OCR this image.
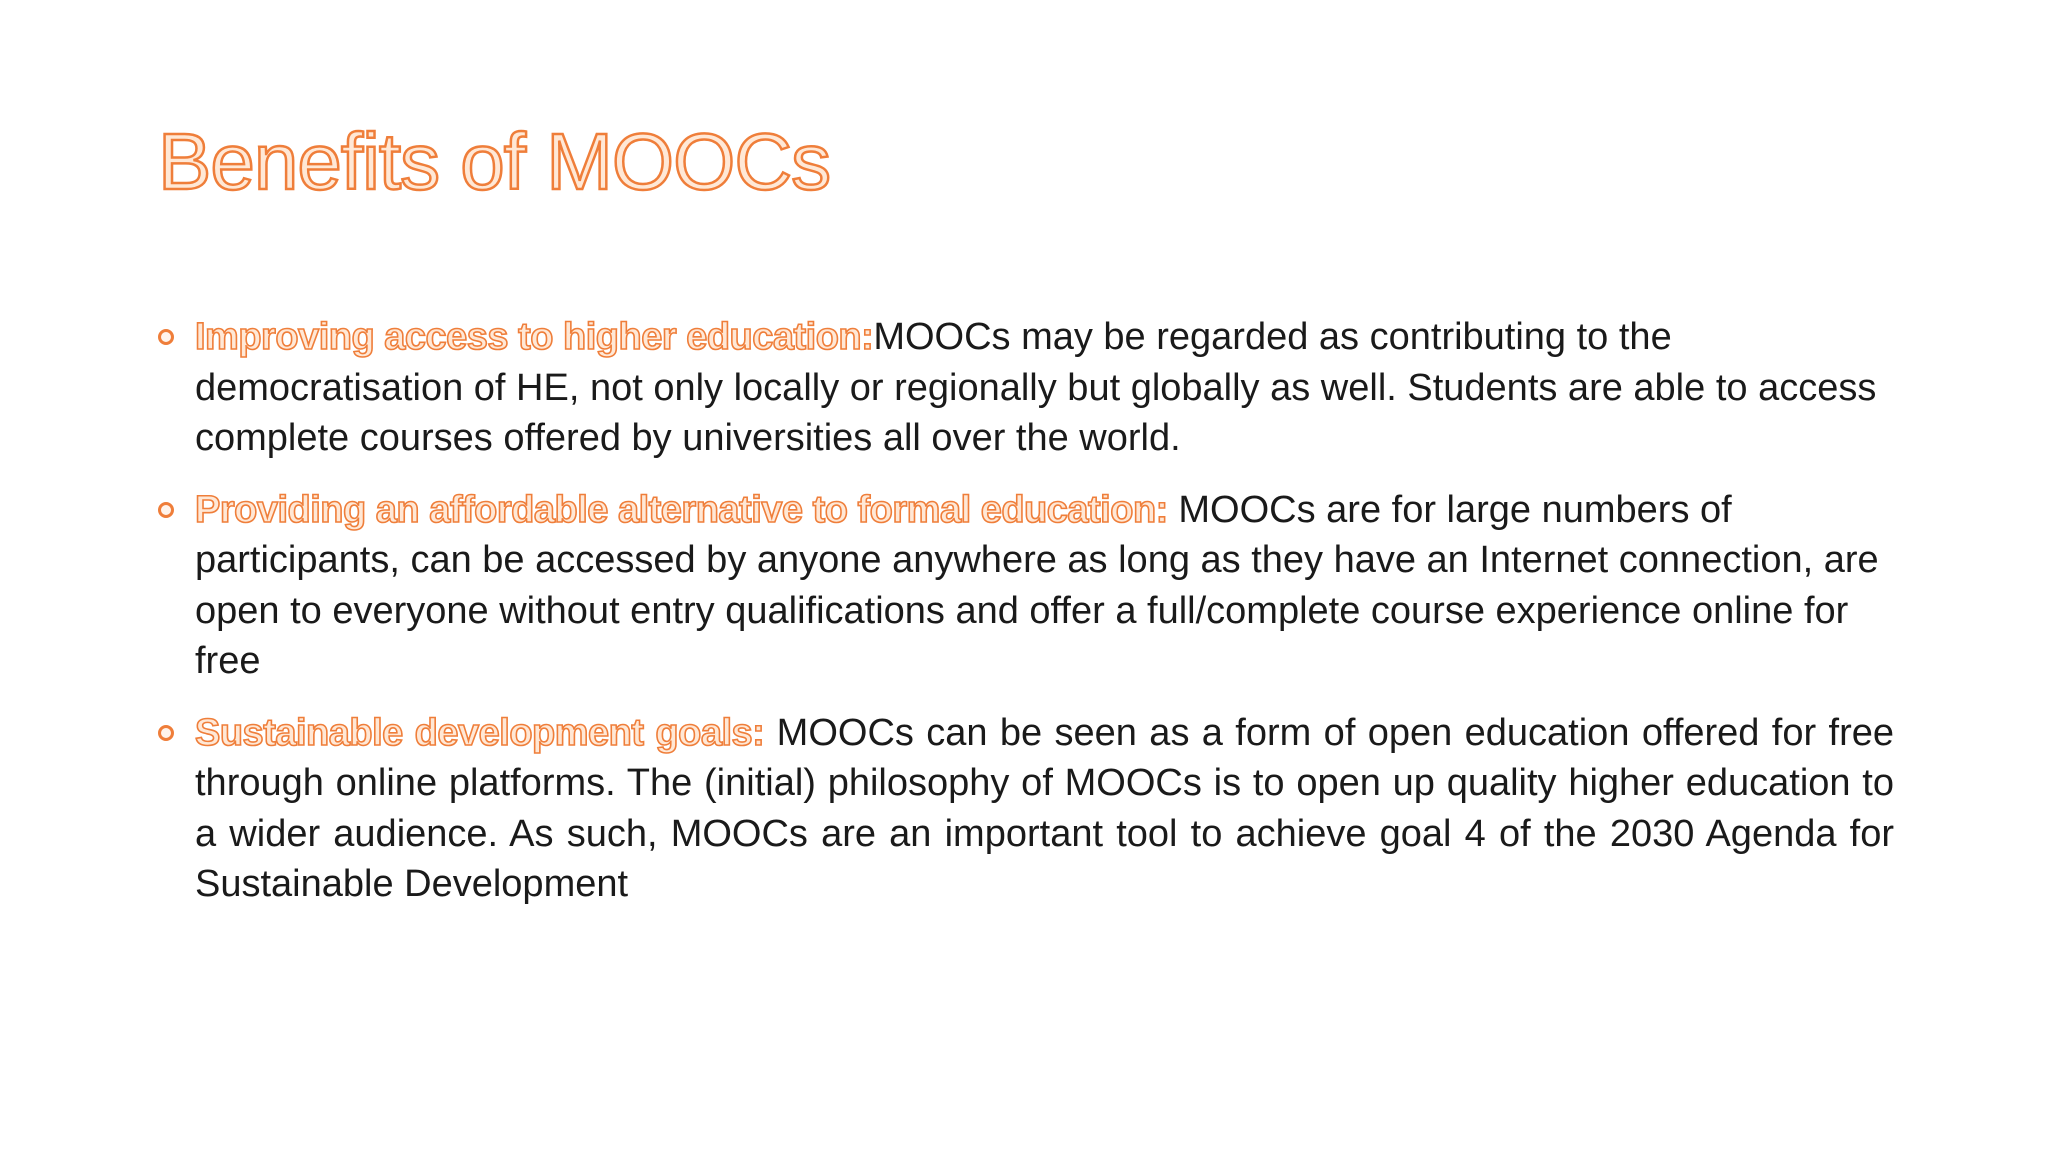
Benefits of MOOCs
Improving access to higher education:MOOCs may be regarded as contributing to the democratisation of HE, not only locally or regionally but globally as well. Students are able to access complete courses offered by universities all over the world.
Providing an affordable alternative to formal education: MOOCs are for large numbers of participants, can be accessed by anyone anywhere as long as they have an Internet connection, are open to everyone without entry qualifications and offer a full/complete course experience online for free
Sustainable development goals: MOOCs can be seen as a form of open education offered for free through online platforms. The (initial) philosophy of MOOCs is to open up quality higher education to a wider audience. As such, MOOCs are an important tool to achieve goal 4 of the 2030 Agenda for Sustainable Development
